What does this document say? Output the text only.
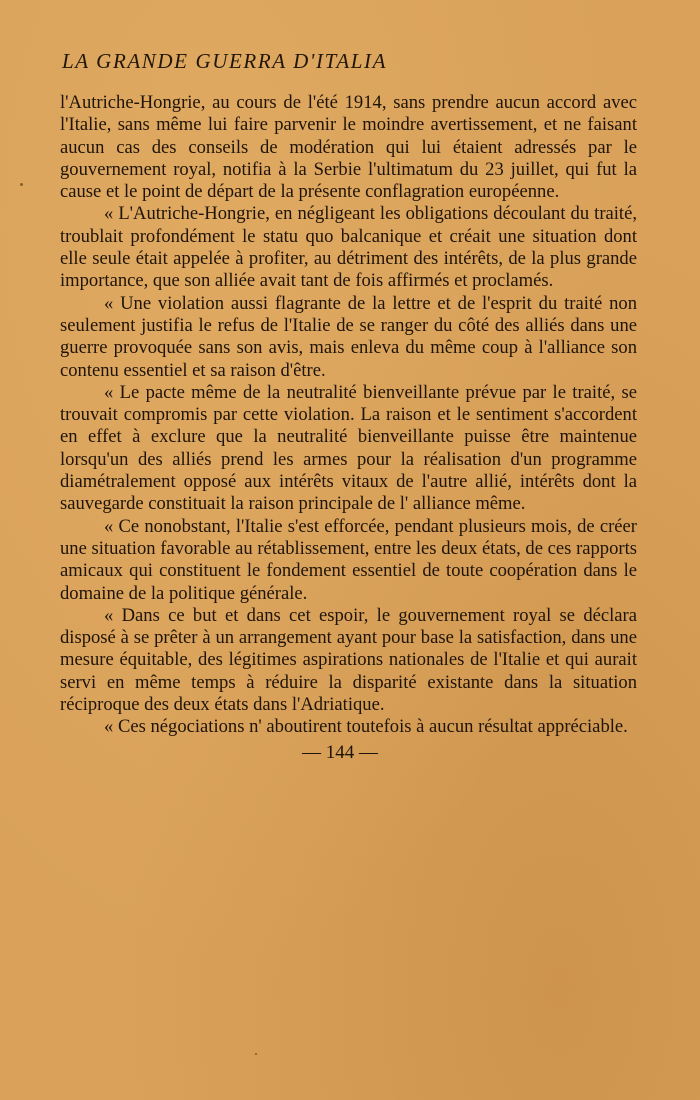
LA GRANDE GUERRA D'ITALIA

l'Autriche-Hongrie, au cours de l'été 1914, sans prendre aucun accord avec l'Italie, sans même lui faire parvenir le moindre avertissement, et ne faisant aucun cas des conseils de modération qui lui étaient adressés par le gouvernement royal, notifia à la Serbie l'ultimatum du 23 juillet, qui fut la cause et le point de départ de la présente conflagration européenne.

« L'Autriche-Hongrie, en négligeant les obligations découlant du traité, troublait profondément le statu quo balcanique et créait une situation dont elle seule était appelée à profiter, au détriment des intérêts, de la plus grande importance, que son alliée avait tant de fois affirmés et proclamés.

« Une violation aussi flagrante de la lettre et de l'esprit du traité non seulement justifia le refus de l'Italie de se ranger du côté des alliés dans une guerre provoquée sans son avis, mais enleva du même coup à l'alliance son contenu essentiel et sa raison d'être.

« Le pacte même de la neutralité bienveillante prévue par le traité, se trouvait compromis par cette violation. La raison et le sentiment s'accordent en effet à exclure que la neutralité bienveillante puisse être maintenue lorsqu'un des alliés prend les armes pour la réalisation d'un programme diamétralement opposé aux intérêts vitaux de l'autre allié, intérêts dont la sauvegarde constituait la raison principale de l' alliance même.

« Ce nonobstant, l'Italie s'est efforcée, pendant plusieurs mois, de créer une situation favorable au rétablissement, entre les deux états, de ces rapports amicaux qui constituent le fondement essentiel de toute coopération dans le domaine de la politique générale.

« Dans ce but et dans cet espoir, le gouvernement royal se déclara disposé à se prêter à un arrangement ayant pour base la satisfaction, dans une mesure équitable, des légitimes aspirations nationales de l'Italie et qui aurait servi en même temps à réduire la disparité existante dans la situation réciproque des deux états dans l'Adriatique.

« Ces négociations n' aboutirent toutefois à aucun résultat appréciable.

— 144 —
